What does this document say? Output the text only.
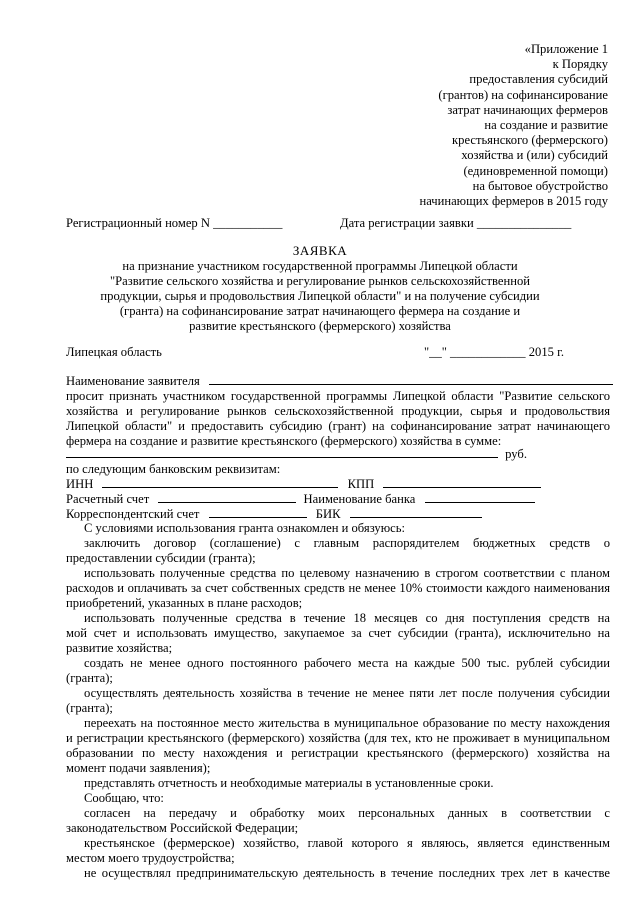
«Приложение 1
к Порядку
предоставления субсидий
(грантов) на софинансирование
затрат начинающих фермеров
на создание и развитие
крестьянского (фермерского)
хозяйства и (или) субсидий
(единовременной помощи)
на бытовое обустройство
начинающих фермеров в 2015 году
Регистрационный номер N ___________	Дата регистрации заявки _______________
ЗАЯВКА
на признание участником государственной программы Липецкой области
"Развитие сельского хозяйства и регулирование рынков сельскохозяйственной
продукции, сырья и продовольствия Липецкой области" и на получение субсидии
(гранта) на софинансирование затрат начинающего фермера на создание и
развитие крестьянского (фермерского) хозяйства
Липецкая область	"__" ____________ 2015 г.
Наименование заявителя
просит признать участником государственной программы Липецкой области "Развитие сельского
хозяйства и регулирование рынков сельскохозяйственной продукции, сырья и продовольствия
Липецкой области" и предоставить субсидию (грант) на софинансирование затрат начинающего
фермера на создание и развитие крестьянского (фермерского) хозяйства в сумме:
руб.
по следующим банковским реквизитам:
ИНН	КПП
Расчетный счет	Наименование банка
Корреспондентский счет	БИК
С условиями использования гранта ознакомлен и обязуюсь:
заключить договор (соглашение) с главным распорядителем бюджетных средств о
предоставлении субсидии (гранта);
использовать полученные средства по целевому назначению в строгом соответствии с планом
расходов и оплачивать за счет собственных средств не менее 10% стоимости каждого наименования
приобретений, указанных в плане расходов;
использовать полученные средства в течение 18 месяцев со дня поступления средств на
мой счет и использовать имущество, закупаемое за счет субсидии (гранта), исключительно на
развитие хозяйства;
создать не менее одного постоянного рабочего места на каждые 500 тыс. рублей субсидии
(гранта);
осуществлять деятельность хозяйства в течение не менее пяти лет после получения субсидии
(гранта);
переехать на постоянное место жительства в муниципальное образование по месту нахождения
и регистрации крестьянского (фермерского) хозяйства (для тех, кто не проживает в муниципальном
образовании по месту нахождения и регистрации крестьянского (фермерского) хозяйства на
момент подачи заявления);
представлять отчетность и необходимые материалы в установленные сроки.
Сообщаю, что:
согласен на передачу и обработку моих персональных данных в соответствии с
законодательством Российской Федерации;
крестьянское (фермерское) хозяйство, главой которого я являюсь, является единственным
местом моего трудоустройства;
не осуществлял предпринимательскую деятельность в течение последних трех лет в качестве
